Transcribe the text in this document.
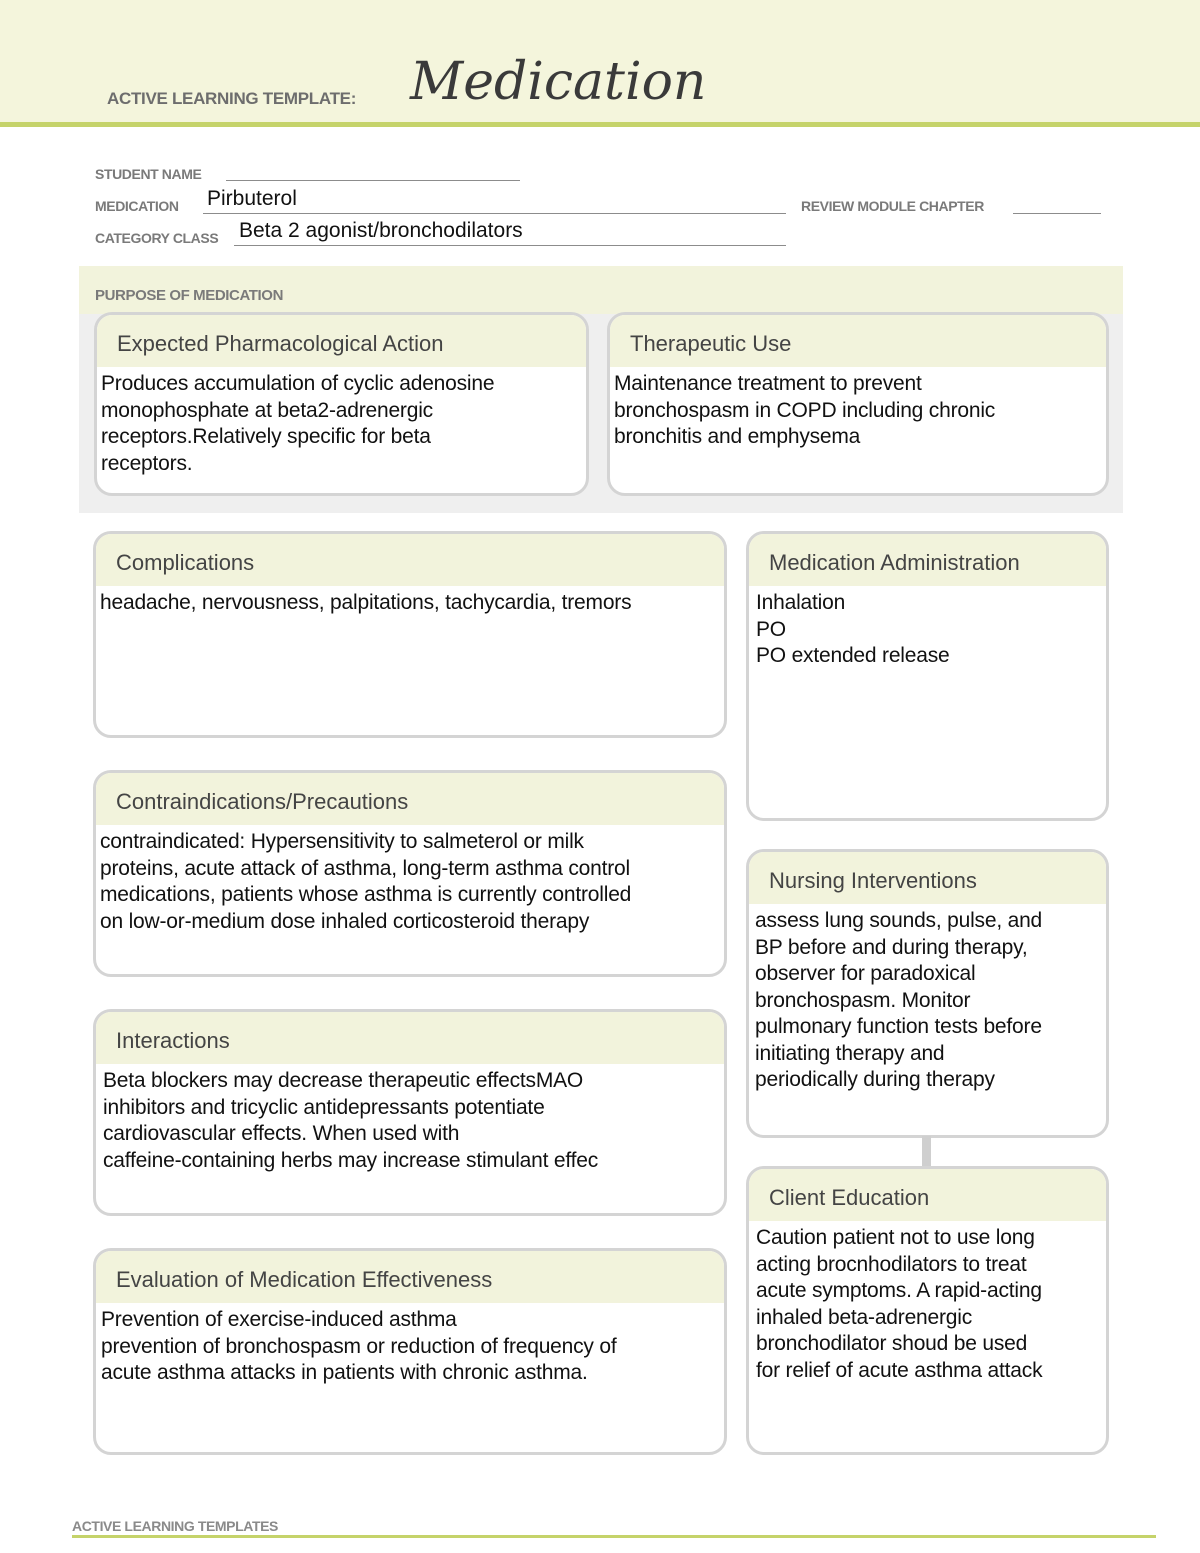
ACTIVE LEARNING TEMPLATE: Medication
STUDENT NAME
MEDICATION Pirbuterol	REVIEW MODULE CHAPTER
CATEGORY CLASS Beta 2 agonist/bronchodilators
PURPOSE OF MEDICATION
Expected Pharmacological Action
Produces accumulation of cyclic adenosine
monophosphate at beta2-adrenergic
receptors.Relatively specific for beta
receptors.
Therapeutic Use
Maintenance treatment to prevent
bronchospasm in COPD including chronic
bronchitis and emphysema
Complications
headache, nervousness, palpitations, tachycardia, tremors
Contraindications/Precautions
contraindicated: Hypersensitivity to salmeterol or milk
proteins, acute attack of asthma, long-term asthma control
medications, patients whose asthma is currently controlled
on low-or-medium dose inhaled corticosteroid therapy
Interactions
Beta blockers may decrease therapeutic effectsMAO
inhibitors and tricyclic antidepressants potentiate
cardiovascular effects. When used with
caffeine-containing herbs may increase stimulant effec
Evaluation of Medication Effectiveness
Prevention of exercise-induced asthma
prevention of bronchospasm or reduction of frequency of
acute asthma attacks in patients with chronic asthma.
Medication Administration
Inhalation
PO
PO extended release
Nursing Interventions
assess lung sounds, pulse, and
BP before and during therapy,
observer for paradoxical
bronchospasm. Monitor
pulmonary function tests before
initiating therapy and
periodically during therapy
Client Education
Caution patient not to use long
acting brocnhodilators to treat
acute symptoms. A rapid-acting
inhaled beta-adrenergic
bronchodilator shoud be used
for relief of acute asthma attack
ACTIVE LEARNING TEMPLATES
